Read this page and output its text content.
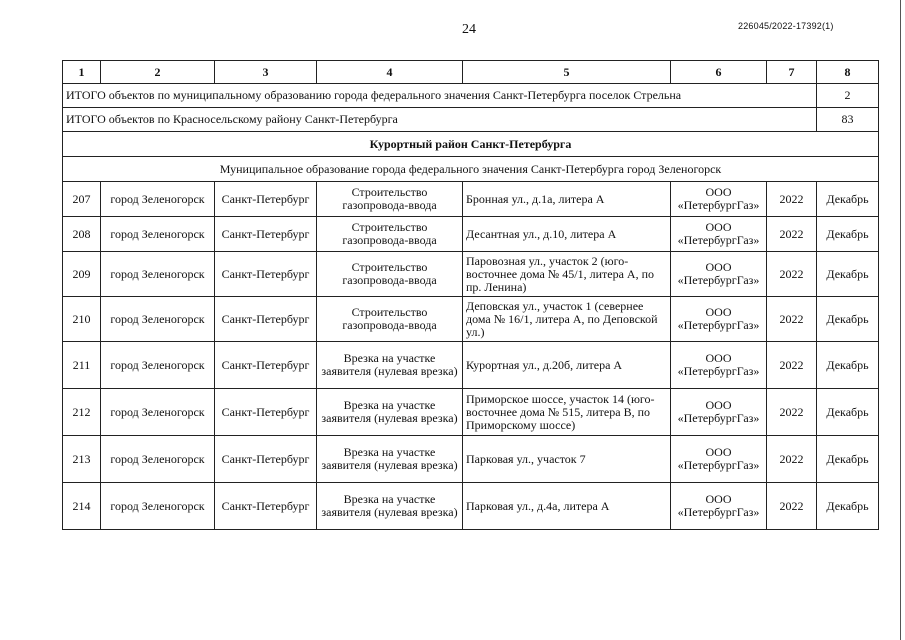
24	226045/2022-17392(1)
1	2	3	4	5	6	7	8
ИТОГО объектов по муниципальному образованию города федерального значения Санкт-Петербурга поселок Стрельна							2
ИТОГО объектов по Красносельскому району Санкт-Петербурга							83
Курортный район Санкт-Петербурга							
Муниципальное образование города федерального значения Санкт-Петербурга город Зеленогорск							
207	город Зеленогорск	Санкт-Петербург	Строительство газопровода-ввода	Бронная ул., д.1а, литера А	ООО «ПетербургГаз»	2022	Декабрь
208	город Зеленогорск	Санкт-Петербург	Строительство газопровода-ввода	Десантная ул., д.10, литера А	ООО «ПетербургГаз»	2022	Декабрь
209	город Зеленогорск	Санкт-Петербург	Строительство газопровода-ввода	Паровозная ул., участок 2 (юго-восточнее дома № 45/1, литера А, по пр. Ленина)	ООО «ПетербургГаз»	2022	Декабрь
210	город Зеленогорск	Санкт-Петербург	Строительство газопровода-ввода	Деповская ул., участок 1 (севернее дома № 16/1, литера А, по Деповской ул.)	ООО «ПетербургГаз»	2022	Декабрь
211	город Зеленогорск	Санкт-Петербург	Врезка на участке заявителя (нулевая врезка)	Курортная ул., д.20б, литера А	ООО «ПетербургГаз»	2022	Декабрь
212	город Зеленогорск	Санкт-Петербург	Врезка на участке заявителя (нулевая врезка)	Приморское шоссе, участок 14 (юго-восточнее дома № 515, литера В, по Приморскому шоссе)	ООО «ПетербургГаз»	2022	Декабрь
213	город Зеленогорск	Санкт-Петербург	Врезка на участке заявителя (нулевая врезка)	Парковая ул., участок 7	ООО «ПетербургГаз»	2022	Декабрь
214	город Зеленогорск	Санкт-Петербург	Врезка на участке заявителя (нулевая врезка)	Парковая ул., д.4а, литера А	ООО «ПетербургГаз»	2022	Декабрь
